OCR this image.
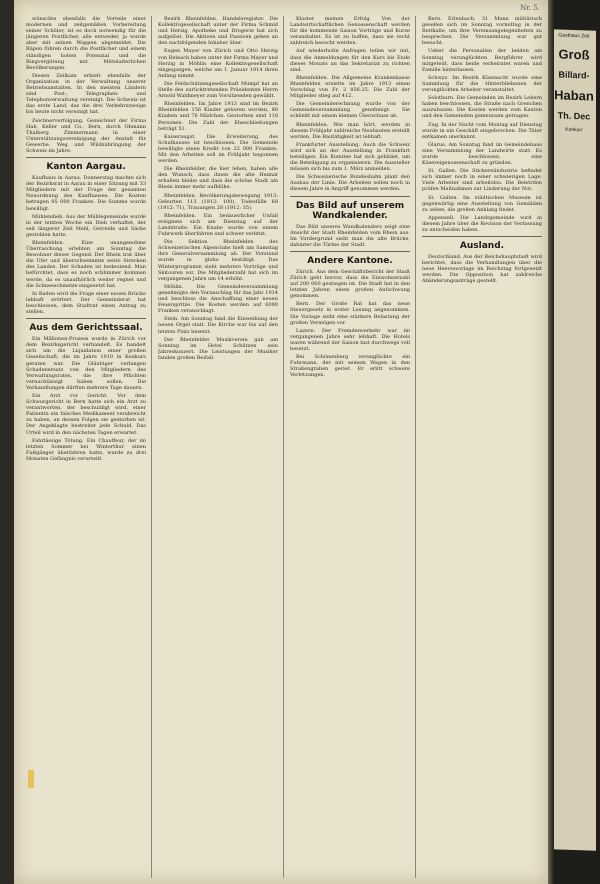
Nr. 5.

wünschte ebenfalls die Vorteile einer modernen und zeitgemäßen Vorbereitung seiner Schüler, ist es doch notwendig für die jüngeren Postfächer, alle entweder, ja wurde aber mit seinen Wappen abgemeldet. Die Räpen führen durch die Postfächer und einem ständigen hohen Potenzial und die Ringvergütung mit Mittelalterlichen Bevölkerungen.

Diesen Zeilkam erhielt ebenfalls der Organisation in der Verwaltung unserer Betriebsanstalten. In den meisten Ländern sind Post-, Telegraphen- und Telephonverwaltung vereinigt. Die Schweiz ist das erste Land, das die drei Verkehrszweige bis heute nicht vereinigt hat.

Zeichnerverfolgung. Gezeichnet der Firma Hab, Keller und Co., Bern, durch Obmann Thalberg Zimmermann in einer Unterstützungsvereinigung der Anstalt für Gewerbe. Weg und Wildzubringung der Schweiz im Jahre.

Kanton Aargau.

Kaufhaus in Aarau. Donnerstag machte sich der Bezirksrat in Aarau in einer Sitzung mit 33 Mitgliedern mit der Frage der gesamten Neuordnung des Kaufhauses. Die Kosten betragen 95 000 Franken. Die Summe wurde bewilligt.

Mühlendieb. Aus der Mühlegemeinde wurde in der letzten Woche ein Dieb verhaftet, der seit längerer Zeit Mehl, Getreide und Säcke gestohlen hatte.

Rheinfelden. Eine unangenehme Überraschung erlebten am Sonntag die Bewohner dieser Gegend. Der Rhein trat über die Ufer und überschwemmte weite Strecken des Landes. Der Schaden ist bedeutend. Man befürchtet, dass es noch schlimmer kommen werde, da es unaufhörlich weiter regnet und die Schneeschmelze eingesetzt hat.

In Baden wird die Frage einer neuen Brücke lebhaft erörtert. Der Gemeinderat hat beschlossen, dem Stadtrat einen Antrag zu stellen.

Aus dem Gerichtssaal.

Ein Millionen-Prozess wurde in Zürich vor dem Bezirksgericht verhandelt. Es handelt sich um die Liquidation einer großen Gesellschaft, die im Jahre 1910 in Konkurs geraten war. Die Gläubiger verlangen Schadenersatz von den Mitgliedern des Verwaltungsrates, die ihre Pflichten vernachlässigt haben sollen. Die Verhandlungen dürften mehrere Tage dauern.

Ein Arzt vor Gericht. Vor dem Schwurgericht in Bern hatte sich ein Arzt zu verantworten, der beschuldigt wird, einer Patientin ein falsches Medikament verabreicht zu haben, an dessen Folgen sie gestorben ist. Der Angeklagte bestreitet jede Schuld. Das Urteil wird in den nächsten Tagen erwartet.

Fahrlässige Tötung. Ein Chauffeur, der im letzten Sommer bei Winterthur einen Fußgänger überfahren hatte, wurde zu drei Monaten Gefängnis verurteilt.

Bezirk Rheinfelden. Handelsregister. Die Kollektivgesellschaft unter der Firma Schmid und Herzig, Apotheke und Drogerie hat sich aufgelöst. Die Aktiven und Passiven gehen an den nachfolgenden Inhaber über.

Eugen Mayer von Zürich und Otto Herzig von Reinach haben unter der Firma Mayer und Herzig in Möhlin eine Kollektivgesellschaft eingegangen, welche am 1. Januar 1914 ihren Anfang nimmt.

Die Feldschützengesellschaft Mumpf hat an Stelle des zurücktretenden Präsidenten Herrn Arnold Waldmeyer zum Vorsitzenden gewählt.

Rheinfelden. Im Jahre 1913 sind im Bezirk Rheinfelden 156 Kinder geboren worden, 80 Knaben und 76 Mädchen. Gestorben sind 118 Personen. Die Zahl der Eheschließungen beträgt 51.

Kaiseraugst. Die Erweiterung des Schulhauses ist beschlossen. Die Gemeinde bewilligte einen Kredit von 22 000 Franken. Mit den Arbeiten soll im Frühjahr begonnen werden.

Die Rheinfelder, die hier leben, haben alle den Wunsch, dass ihnen die alte Heimat erhalten bleibe und dass die schöne Stadt am Rhein immer mehr aufblühe.

Rheinfelden. Bevölkerungsbewegung 1913: Geburten 113 (1912: 100), Todesfälle 68 (1912: 71), Trauungen 28 (1912: 35).

Rheinfelden. Ein bedauerlicher Unfall ereignete sich am Dienstag auf der Landstraße. Ein Knabe wurde von einem Fuhrwerk überfahren und schwer verletzt.

Die Sektion Rheinfelden des Schweizerischen Alpenclubs hielt am Samstag ihre Generalversammlung ab. Der Vorstand wurde in globo bestätigt. Das Winterprogramm sieht mehrere Vorträge und Skitouren vor. Die Mitgliederzahl hat sich im vergangenen Jahre um 14 erhöht.

Möhlin. Die Gemeindeversammlung genehmigte den Voranschlag für das Jahr 1914 und beschloss die Anschaffung einer neuen Feuerspritze. Die Kosten werden auf 6000 Franken veranschlagt.

Stein. Am Sonntag fand die Einweihung der neuen Orgel statt. Die Kirche war bis auf den letzten Platz besetzt.

Der Rheinfelder Musikverein gab am Sonntag im Hotel Schützen sein Jahreskonzert. Die Leistungen der Musiker fanden großen Beifall.

Kloster meinen Erfolg. Von der Landwirtschaftlichen Genossenschaft werden für die kommende Saison Vorträge und Kurse veranstaltet. Es ist zu hoffen, dass sie recht zahlreich besucht werden.

Auf wiederholte Anfragen teilen wir mit, dass die Anmeldungen für den Kurs bis Ende dieses Monats an das Sekretariat zu richten sind.

Rheinfelden. Die Allgemeine Krankenkasse Rheinfelden erzielte im Jahre 1913 einen Vorschlag von Fr. 2 856.25. Die Zahl der Mitglieder stieg auf 412.

Die Gemeinderechnung wurde von der Gemeindeversammlung genehmigt. Sie schließt mit einem kleinen Überschuss ab.

Rheinfelden. Wie man hört, werden in diesem Frühjahr zahlreiche Neubauten erstellt werden. Die Bautätigkeit ist lebhaft.

Frankfurter Ausstellung. Auch die Schweiz wird sich an der Ausstellung in Frankfurt beteiligen. Ein Komitee hat sich gebildet, um die Beteiligung zu organisieren. Die Aussteller müssen sich bis zum 1. März anmelden.

Die Schweizerische Bundesbahn plant den Ausbau der Linie. Die Arbeiten sollen noch in diesem Jahre in Angriff genommen werden.

Das Bild auf unserem Wandkalender.

Das Bild unseres Wandkalenders zeigt eine Ansicht der Stadt Rheinfelden vom Rhein aus. Im Vordergrund sieht man die alte Brücke, dahinter die Türme der Stadt.

Andere Kantone.

Zürich. Aus dem Geschäftsbericht der Stadt Zürich geht hervor, dass die Einwohnerzahl auf 200 000 gestiegen ist. Die Stadt hat in den letzten Jahren einen großen Aufschwung genommen.

Bern. Der Große Rat hat das neue Steuergesetz in erster Lesung angenommen. Die Vorlage sieht eine stärkere Belastung der großen Vermögen vor.

Luzern. Der Fremdenverkehr war im vergangenen Jahre sehr lebhaft. Die Hotels waren während der Saison fast durchwegs voll besetzt.

Bei Schönenberg verunglückte ein Fuhrmann, der mit seinem Wagen in den Straßengraben geriet. Er erlitt schwere Verletzungen.

Bern. Erlenbach. 31 Mann militärisch gesellen sich im Sonntag vormittag in der Reithalle, um ihre Vereinsangelegenheiten zu besprechen. Die Versammlung war gut besucht.

Ueber die Personalien der beiden am Sonntag verunglückten Bergführer wird mitgeteilt, dass beide verheiratet waren und Familie hinterlassen.

Schwyz. Im Bezirk Küssnacht wurde eine Sammlung für die Hinterbliebenen der verunglückten Arbeiter veranstaltet.

Solothurn. Die Gemeinden im Bezirk Lebern haben beschlossen, die Straße nach Grenchen auszubauen. Die Kosten werden vom Kanton und den Gemeinden gemeinsam getragen.

Zug. In der Nacht vom Montag auf Dienstag wurde in ein Geschäft eingebrochen. Die Täter entkamen unerkannt.

Glarus. Am Sonntag fand im Gemeindehaus eine Versammlung der Landwirte statt. Es wurde beschlossen, eine Käsereigenossenschaft zu gründen.

St. Gallen. Die Stickereiindustrie befindet sich immer noch in einer schwierigen Lage. Viele Arbeiter sind arbeitslos. Die Behörden prüfen Maßnahmen zur Linderung der Not.

St. Gallen. Im städtischen Museum ist gegenwärtig eine Ausstellung von Gemälden zu sehen, die großen Anklang findet.

Appenzell. Die Landsgemeinde wird in diesem Jahre über die Revision der Verfassung zu entscheiden haben.

Ausland.

Deutschland. Aus der Reichshauptstadt wird berichtet, dass die Verhandlungen über die neue Heeresvorlage im Reichstag fortgesetzt werden. Die Opposition hat zahlreiche Abänderungsanträge gestellt.

Gasthaus Zeit
Groß
Billard-
Haban
Th. Dec
Konkurr
